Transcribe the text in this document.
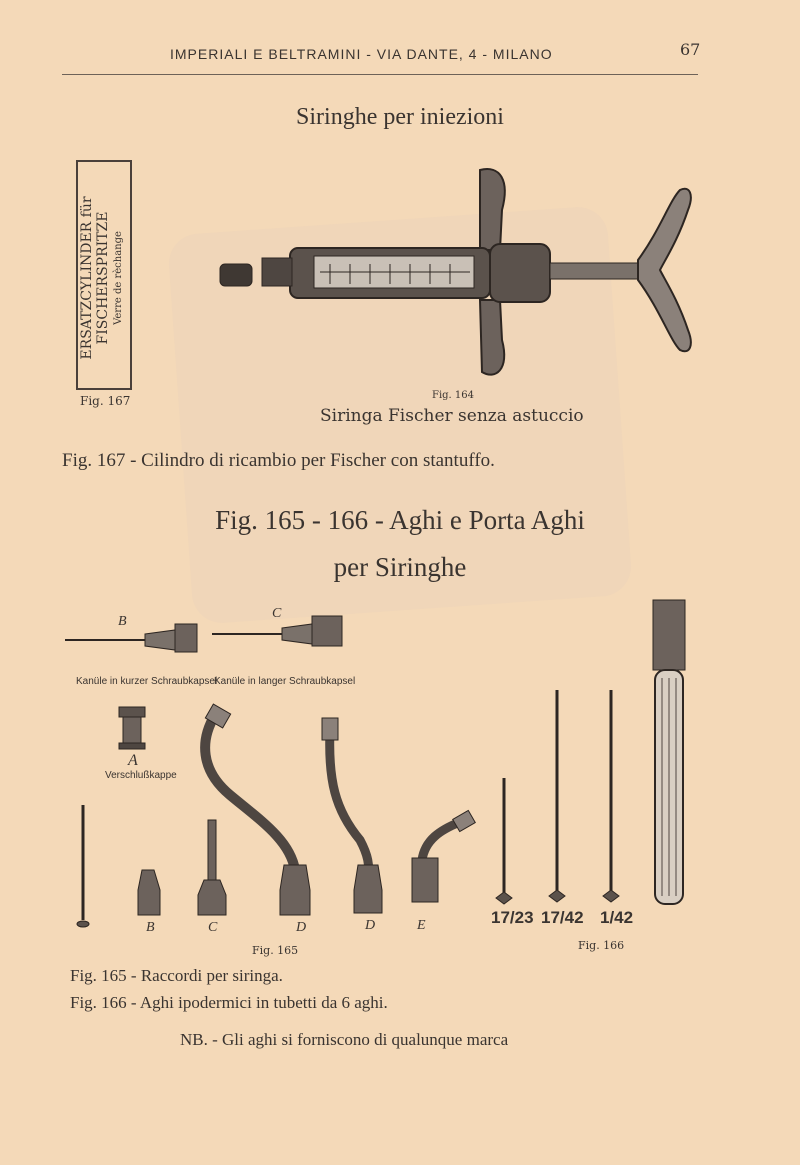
IMPERIALI E BELTRAMINI - VIA DANTE, 4 - MILANO	67
Siringhe per iniezioni
ERSATZCYLINDER für FISCHERSPRITZE Verre de rèchange
Fig. 167	Fig. 164
Siringa Fischer senza astuccio
Fig. 167 - Cilindro di ricambio per Fischer con stantuffo.
Fig. 165 - 166 - Aghi e Porta Aghi
per Siringhe
B
Kanüle in kurzer Schraubkapsel
C
Kanüle in langer Schraubkapsel
A
Verschlußkappe
B	C	D	D	E
Fig. 165
17/23 17/42 1/42
Fig. 166
Fig. 165 - Raccordi per siringa.
Fig. 166 - Aghi ipodermici in tubetti da 6 aghi.
NB. - Gli aghi si forniscono di qualunque marca
